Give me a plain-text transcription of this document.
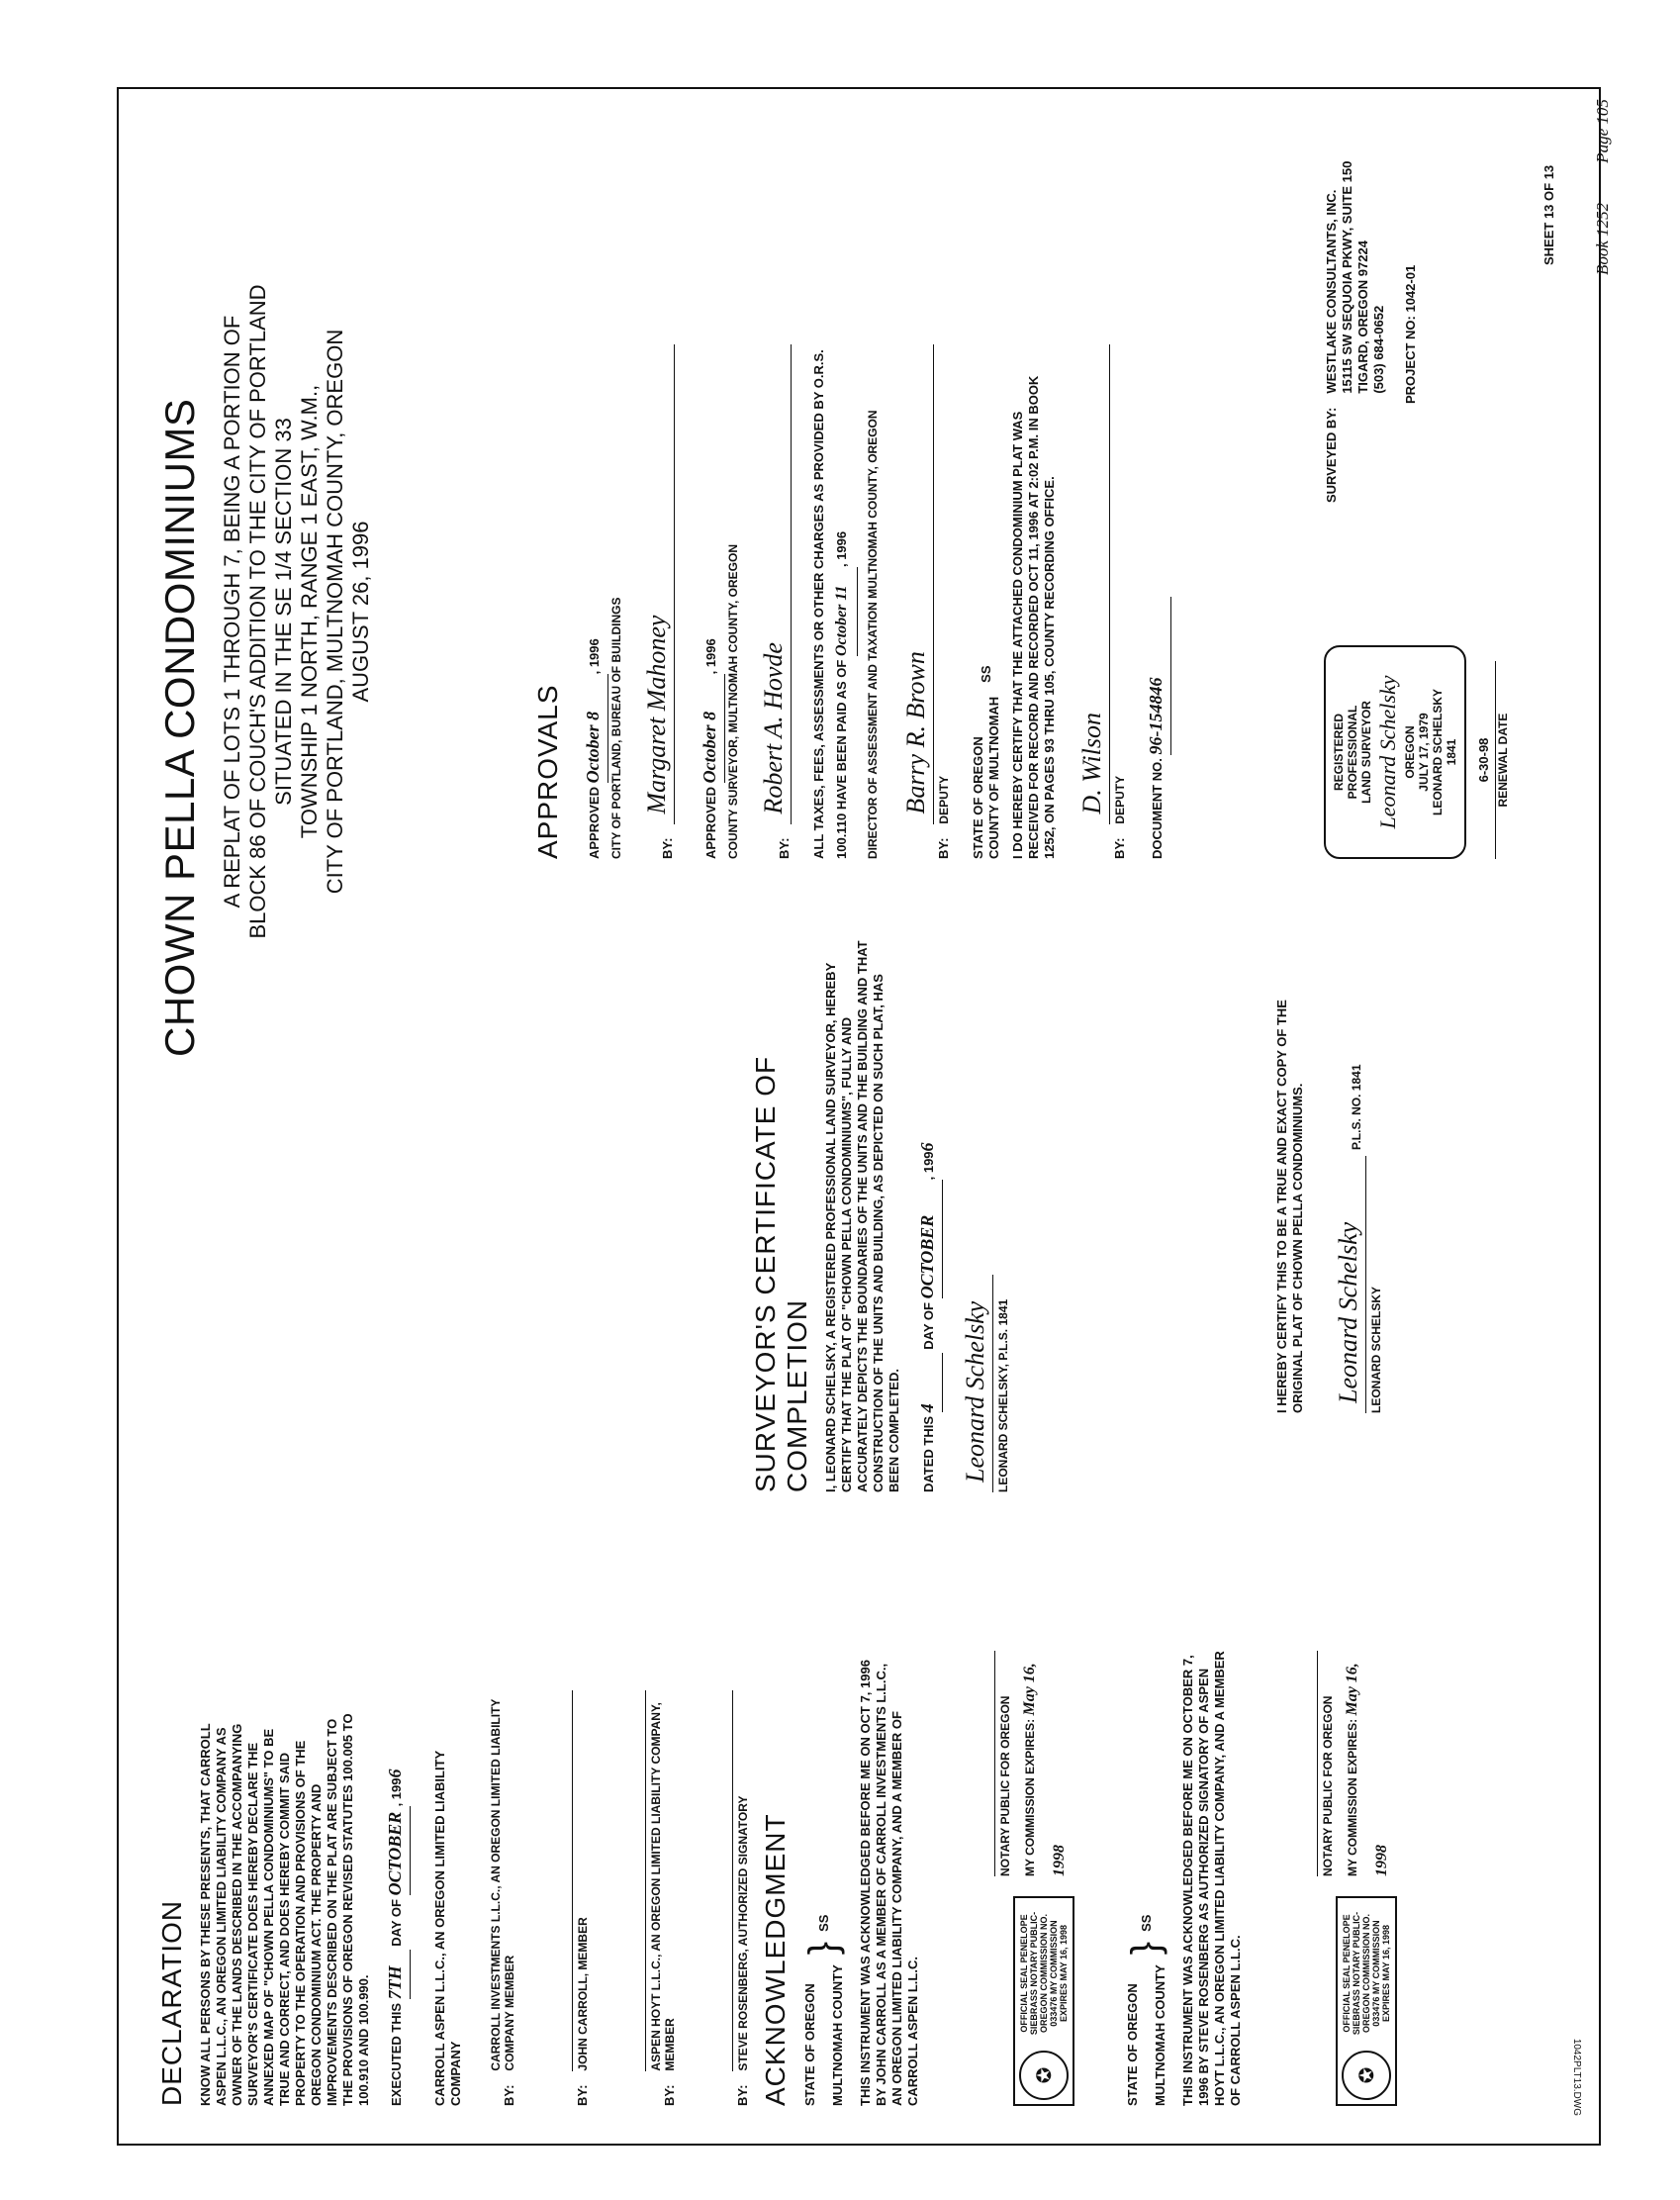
Book 1252
Page 105
CHOWN PELLA CONDOMINIUMS A REPLAT OF LOTS 1 THROUGH 7, BEING A PORTION OF BLOCK 86 OF COUCH'S ADDITION TO THE CITY OF PORTLAND SITUATED IN THE SE 1/4 SECTION 33 TOWNSHIP 1 NORTH, RANGE 1 EAST, W.M., CITY OF PORTLAND, MULTNOMAH COUNTY, OREGON AUGUST 26, 1996
DECLARATION KNOW ALL PERSONS BY THESE PRESENTS, THAT CARROLL ASPEN L.L.C., AN OREGON LIMITED LIABILITY COMPANY AS OWNER OF THE LANDS DESCRIBED IN THE ACCOMPANYING SURVEYOR'S CERTIFICATE DOES HEREBY DECLARE THE ANNEXED MAP OF "CHOWN PELLA CONDOMINIUMS" TO BE TRUE AND CORRECT, AND DOES HEREBY COMMIT SAID PROPERTY TO THE OPERATION AND PROVISIONS OF THE OREGON CONDOMINIUM ACT. THE PROPERTY AND IMPROVEMENTS DESCRIBED ON THE PLAT ARE SUBJECT TO THE PROVISIONS OF OREGON REVISED STATUTES 100.005 TO 100.910 AND 100.990.	EXECUTED THIS 7TH DAY OF OCTOBER, 1996	CARROLL ASPEN L.L.C., AN OREGON LIMITED LIABILITY COMPANY	BY:
CARROLL INVESTMENTS L.L.C., AN OREGON LIMITED LIABILITY COMPANY MEMBER
BY:
JOHN CARROLL, MEMBER
BY:
ASPEN HOYT L.L.C., AN OREGON LIMITED LIABILITY COMPANY, MEMBER
BY:
STEVE ROSENBERG, AUTHORIZED SIGNATORY ACKNOWLEDGMENT STATE OF OREGON MULTNOMAH COUNTY
}
SS THIS INSTRUMENT WAS ACKNOWLEDGED BEFORE ME ON OCT 7, 1996 BY JOHN CARROLL AS A MEMBER OF CARROLL INVESTMENTS L.L.C., AN OREGON LIMITED LIABILITY COMPANY, AND A MEMBER OF CARROLL ASPEN L.L.C.	✪
OFFICIAL SEAL PENELOPE SIEBRASS NOTARY PUBLIC-OREGON COMMISSION NO. 033476 MY COMMISSION EXPIRES MAY 16, 1998
NOTARY PUBLIC FOR OREGON MY COMMISSION EXPIRES: May 16, 1998
STATE OF OREGON MULTNOMAH COUNTY
}
SS THIS INSTRUMENT WAS ACKNOWLEDGED BEFORE ME ON OCTOBER 7, 1996 BY STEVE ROSENBERG AS AUTHORIZED SIGNATORY OF ASPEN HOYT L.L.C., AN OREGON LIMITED LIABILITY COMPANY, AND A MEMBER OF CARROLL ASPEN L.L.C.	✪
OFFICIAL SEAL PENELOPE SIEBRASS NOTARY PUBLIC-OREGON COMMISSION NO. 033476 MY COMMISSION EXPIRES MAY 16, 1998
NOTARY PUBLIC FOR OREGON MY COMMISSION EXPIRES: May 16, 1998
SURVEYOR'S CERTIFICATE OF COMPLETION I, LEONARD SCHELSKY, A REGISTERED PROFESSIONAL LAND SURVEYOR, HEREBY CERTIFY THAT THE PLAT OF "CHOWN PELLA CONDOMINIUMS", FULLY AND ACCURATELY DEPICTS THE BOUNDARIES OF THE UNITS AND THE BUILDING AND THAT CONSTRUCTION OF THE UNITS AND BUILDING, AS DEPICTED ON SUCH PLAT, HAS BEEN COMPLETED.	DATED THIS 4 DAY OF OCTOBER, 1996
Leonard Schelsky LEONARD SCHELSKY, P.L.S. 1841	I HEREBY CERTIFY THIS TO BE A TRUE AND EXACT COPY OF THE ORIGINAL PLAT OF CHOWN PELLA CONDOMINIUMS. Leonard Schelsky LEONARD SCHELSKY
P.L.S. NO. 1841
APPROVALS	APPROVED October 8, 1996 CITY OF PORTLAND, BUREAU OF BUILDINGS	BY:
Margaret Mahoney
APPROVED October 8, 1996 COUNTY SURVEYOR, MULTNOMAH COUNTY, OREGON	BY:
Robert A. Hovde ALL TAXES, FEES, ASSESSMENTS OR OTHER CHARGES AS PROVIDED BY O.R.S. 100.110 HAVE BEEN PAID AS OF October 11, 1996	DIRECTOR OF ASSESSMENT AND TAXATION MULTNOMAH COUNTY, OREGON	BY:
Barry R. Brown DEPUTY STATE OF OREGON COUNTY OF MULTNOMAH
SS I DO HEREBY CERTIFY THAT THE ATTACHED CONDOMINIUM PLAT WAS RECEIVED FOR RECORD AND RECORDED OCT 11, 1996 AT 2:02 P.M. IN BOOK 1252, ON PAGES 93 THRU 105, COUNTY RECORDING OFFICE.	BY:
D. Wilson DEPUTY	DOCUMENT NO. 96-154846	REGISTERED PROFESSIONAL LAND SURVEYOR Leonard Schelsky OREGON JULY 17, 1979 LEONARD SCHELSKY 1841 6-30-98 RENEWAL DATE
SURVEYED BY:
WESTLAKE CONSULTANTS, INC. 15115 SW SEQUOIA PKWY, SUITE 150 TIGARD, OREGON 97224 (503) 684-0652 PROJECT NO: 1042-01
SHEET 13 OF 13
1042PLT13.DWG
